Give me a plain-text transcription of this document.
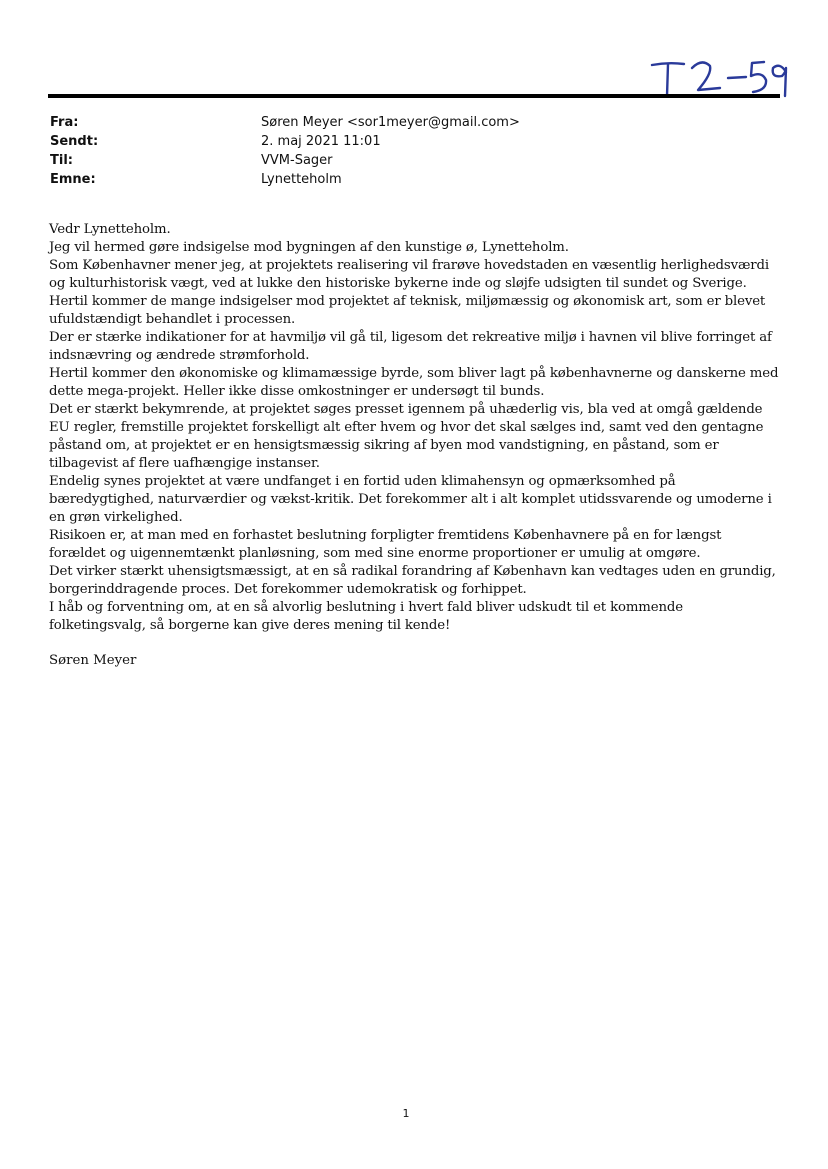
Fra:	Søren Meyer <sor1meyer@gmail.com>
Sendt:	2. maj 2021 11:01
Til:	VVM-Sager
Emne:	Lynetteholm

Vedr Lynetteholm.

Jeg vil hermed gøre indsigelse mod bygningen af den kunstige ø, Lynetteholm.

Som Københavner mener jeg, at projektets realisering vil frarøve hovedstaden en væsentlig herlighedsværdi og kulturhistorisk vægt, ved at lukke den historiske bykerne inde og sløjfe udsigten til sundet og Sverige.

Hertil kommer de mange indsigelser mod projektet af teknisk, miljømæssig og økonomisk art, som er blevet ufuldstændigt behandlet i processen.

Der er stærke indikationer for at havmiljø vil gå til, ligesom det rekreative miljø i havnen vil blive forringet af indsnævring og ændrede strømforhold.

Hertil kommer den økonomiske og klimamæssige byrde, som bliver lagt på københavnerne og danskerne med dette mega-projekt. Heller ikke disse omkostninger er undersøgt til bunds.

Det er stærkt bekymrende, at projektet søges presset igennem på uhæderlig vis, bla ved at omgå gældende EU regler, fremstille projektet forskelligt alt efter hvem og hvor det skal sælges ind, samt ved den gentagne påstand om, at projektet er en hensigtsmæssig sikring af byen mod vandstigning, en påstand, som er tilbagevist af flere uafhængige instanser.

Endelig synes projektet at være undfanget i en fortid uden klimahensyn og opmærksomhed på bæredygtighed, naturværdier og vækst-kritik. Det forekommer alt i alt komplet utidssvarende og umoderne i en grøn virkelighed.

Risikoen er, at man med en forhastet beslutning forpligter fremtidens Københavnere på en for længst forældet og uigennemtænkt planløsning, som med sine enorme proportioner er umulig at omgøre.

Det virker stærkt uhensigtsmæssigt, at en så radikal forandring af København kan vedtages uden en grundig, borgerinddragende proces. Det forekommer udemokratisk og forhippet.

I håb og forventning om, at en så alvorlig beslutning i hvert fald bliver udskudt til et kommende folketingsvalg, så borgerne kan give deres mening til kende!

Søren Meyer
1
